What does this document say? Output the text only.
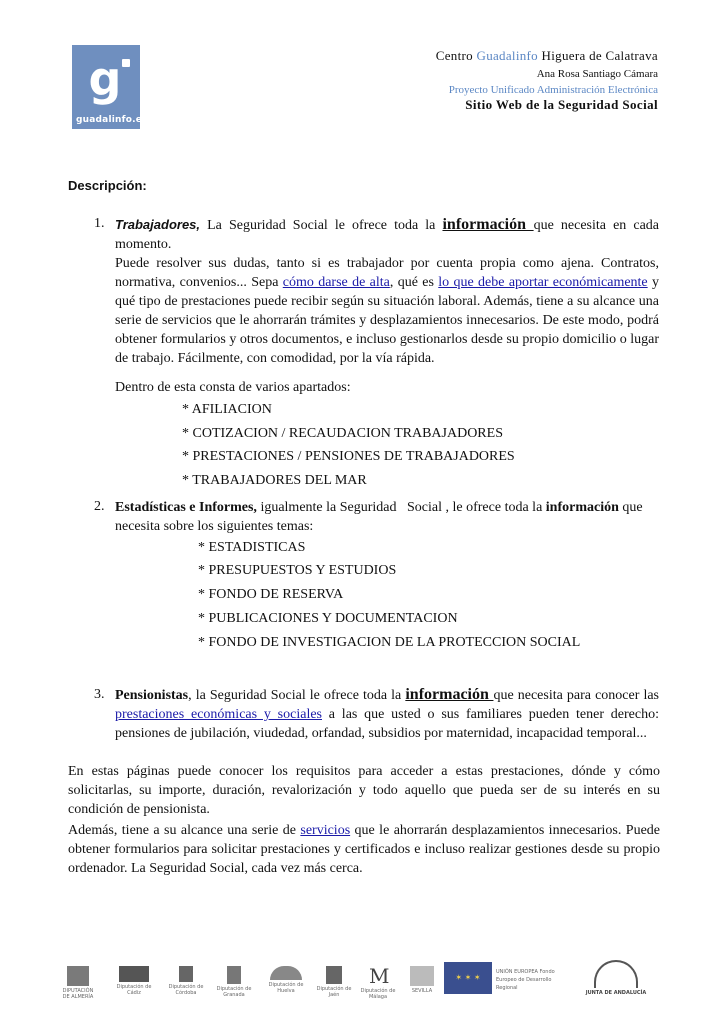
g
guadalinfo.es
Centro Guadalinfo Higuera de Calatrava
Ana Rosa Santiago Cámara
Proyecto Unificado Administración Electrónica
Sitio Web de la Seguridad Social
Descripción:
1. Trabajadores, La Seguridad Social le ofrece toda la información que necesita en cada momento.

Puede resolver sus dudas, tanto si es trabajador por cuenta propia como ajena. Contratos, normativa, convenios... Sepa cómo darse de alta, qué es lo que debe aportar económicamente y qué tipo de prestaciones puede recibir según su situación laboral. Además, tiene a su alcance una serie de servicios que le ahorrarán trámites y desplazamientos innecesarios. De este modo, podrá obtener formularios y otros documentos, e incluso gestionarlos desde su propio domicilio o lugar de trabajo. Fácilmente, con comodidad, por la vía rápida.

Dentro de esta consta de varios apartados:
* AFILIACION
* COTIZACION / RECAUDACION TRABAJADORES
* PRESTACIONES / PENSIONES DE TRABAJADORES
* TRABAJADORES DEL MAR
2. Estadísticas e Informes, igualmente la Seguridad   Social , le ofrece toda la información que necesita sobre los siguientes temas:

* ESTADISTICAS
* PRESUPUESTOS Y ESTUDIOS
* FONDO DE RESERVA
* PUBLICACIONES Y DOCUMENTACION
* FONDO DE INVESTIGACION DE LA PROTECCION SOCIAL
3. Pensionistas, la Seguridad Social le ofrece toda la información que necesita para conocer las prestaciones económicas y sociales a las que usted o sus familiares pueden tener derecho: pensiones de jubilación, viudedad, orfandad, subsidios por maternidad, incapacidad temporal...

En estas páginas puede conocer los requisitos para acceder a estas prestaciones, dónde y cómo solicitarlas, su importe, duración, revalorización y todo aquello que pueda ser de su interés en su condición de pensionista.

Además, tiene a su alcance una serie de servicios que le ahorrarán desplazamientos innecesarios. Puede obtener formularios para solicitar prestaciones y certificados e incluso realizar gestiones desde su propio ordenador. La Seguridad Social, cada vez más cerca.

DIPUTACIÓN DE ALMERÍA
Diputación de Cádiz
Diputación de Córdoba
Diputación de Granada
Diputación de Huelva	Diputación de Jaén
M
Diputación de Málaga
SEVILLA
✶ ✶ ✶
UNIÓN EUROPEA Fondo Europeo de Desarrollo Regional
JUNTA DE ANDALUCÍA
